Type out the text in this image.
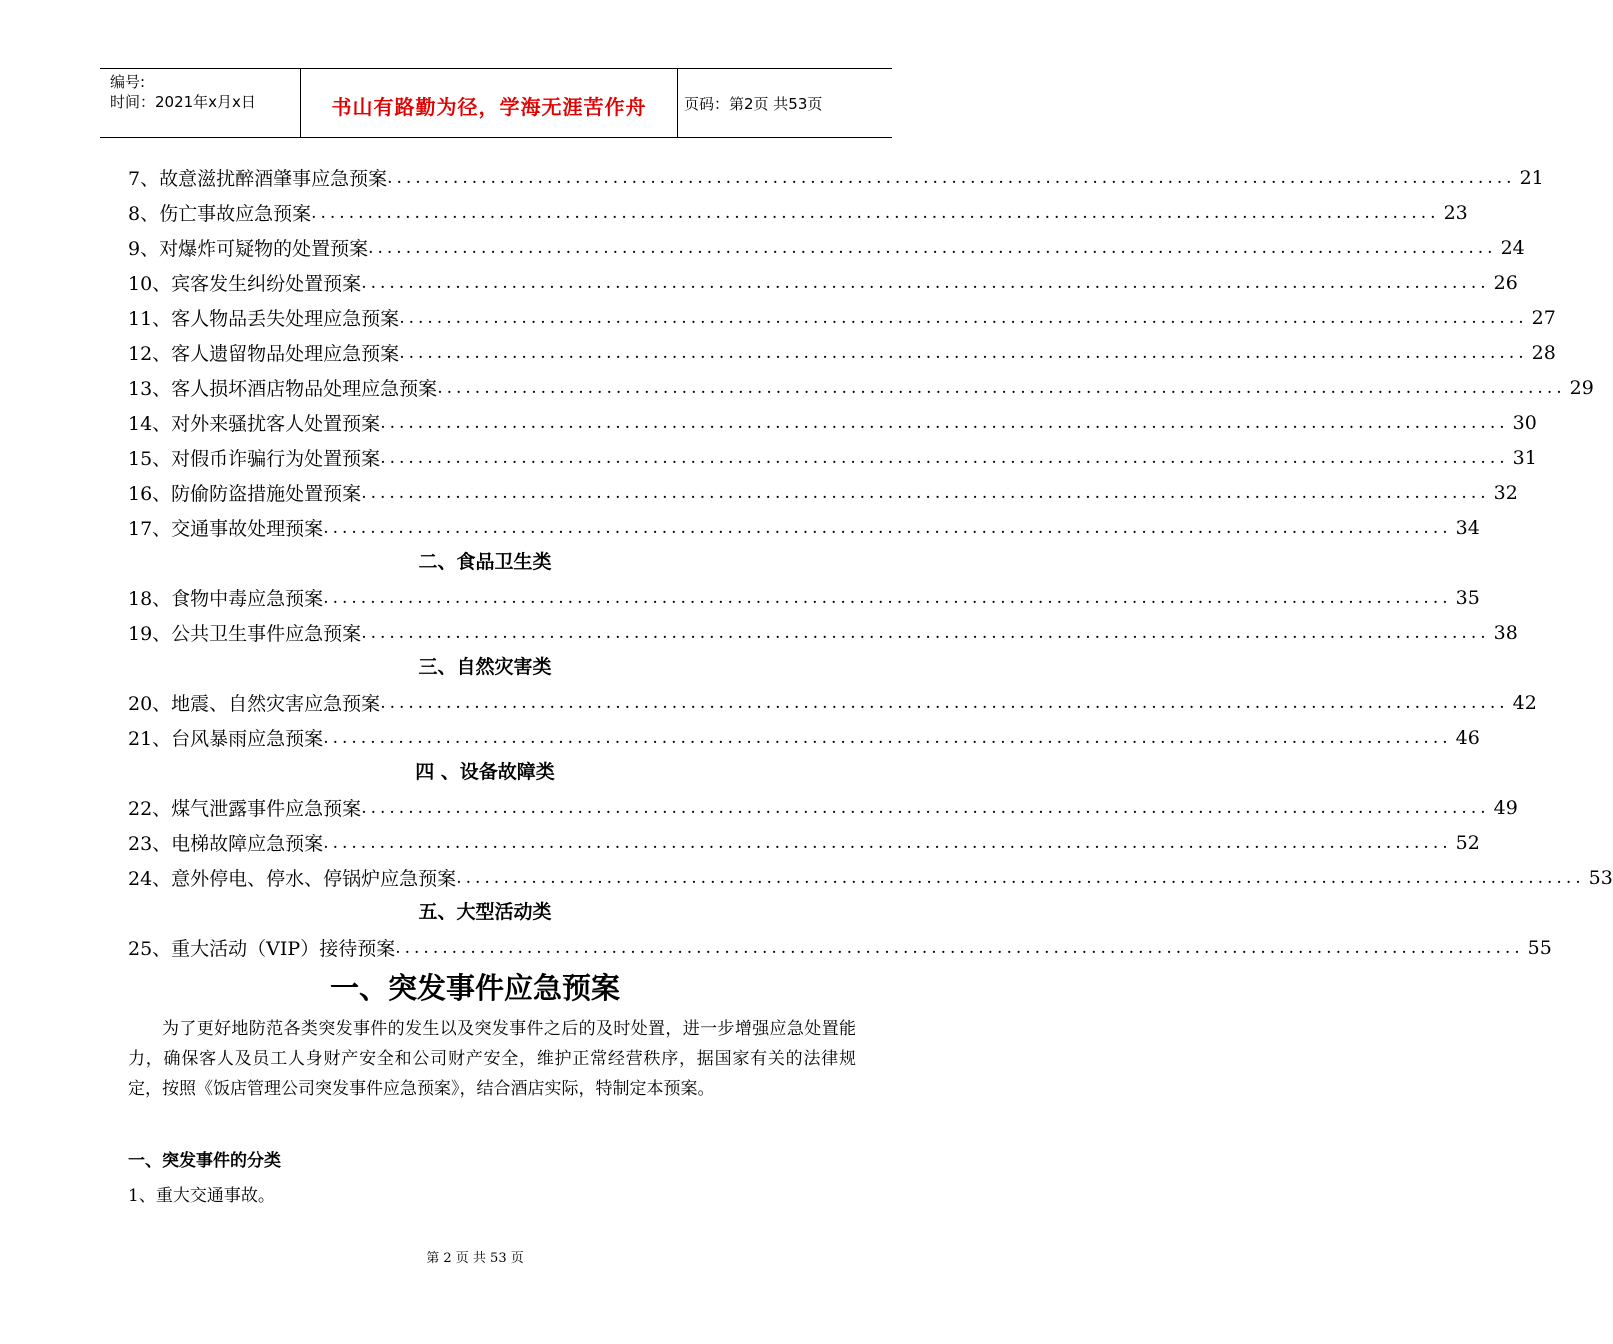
编号:
时间：2021年x月x日	书山有路勤为径，学海无涯苦作舟	页码：第2页 共53页
7、故意滋扰醉酒肇事应急预案 ........................................................................................................................ 21
8、伤亡事故应急预案 ........................................................................................................................ 23
9、对爆炸可疑物的处置预案 ........................................................................................................................ 24
10、宾客发生纠纷处置预案 ........................................................................................................................ 26
11、客人物品丢失处理应急预案 ........................................................................................................................ 27
12、客人遗留物品处理应急预案 ........................................................................................................................ 28
13、客人损坏酒店物品处理应急预案 ........................................................................................................................ 29
14、对外来骚扰客人处置预案 ........................................................................................................................ 30
15、对假币诈骗行为处置预案 ........................................................................................................................ 31
16、防偷防盗措施处置预案 ........................................................................................................................ 32
17、交通事故处理预案 ........................................................................................................................ 34
二、食品卫生类
18、食物中毒应急预案 ........................................................................................................................ 35
19、公共卫生事件应急预案 ........................................................................................................................ 38
三、自然灾害类
20、地震、自然灾害应急预案 ........................................................................................................................ 42
21、台风暴雨应急预案 ........................................................................................................................ 46
四 、设备故障类
22、煤气泄露事件应急预案 ........................................................................................................................ 49
23、电梯故障应急预案 ........................................................................................................................ 52
24、意外停电、停水、停锅炉应急预案 ........................................................................................................................ 53
五、大型活动类
25、重大活动（VIP）接待预案 ........................................................................................................................ 55
一、突发事件应急预案
为了更好地防范各类突发事件的发生以及突发事件之后的及时处置，进一步增强应急处置能力，确保客人及员工人身财产安全和公司财产安全，维护正常经营秩序，据国家有关的法律规定，按照《饭店管理公司突发事件应急预案》，结合酒店实际，特制定本预案。
一、突发事件的分类
1、重大交通事故。
第 2 页 共 53 页
